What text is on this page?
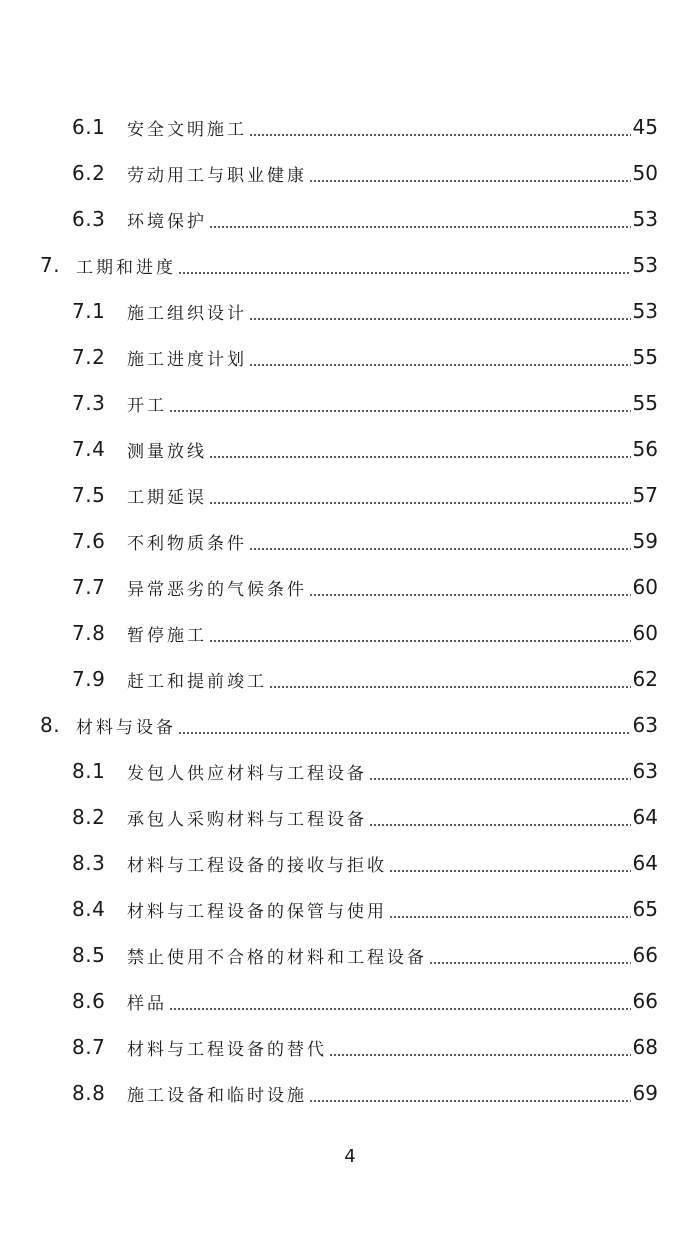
6.1	安全文明施工	45
6.2	劳动用工与职业健康	50
6.3	环境保护	53
7. 工期和进度	53
7.1	施工组织设计	53
7.2	施工进度计划	55
7.3	开工	55
7.4	测量放线	56
7.5	工期延误	57
7.6	不利物质条件	59
7.7	异常恶劣的气候条件	60
7.8	暂停施工	60
7.9	赶工和提前竣工	62
8. 材料与设备	63
8.1	发包人供应材料与工程设备	63
8.2	承包人采购材料与工程设备	64
8.3	材料与工程设备的接收与拒收	64
8.4	材料与工程设备的保管与使用	65
8.5	禁止使用不合格的材料和工程设备	66
8.6	样品	66
8.7	材料与工程设备的替代	68
8.8	施工设备和临时设施	69
4
